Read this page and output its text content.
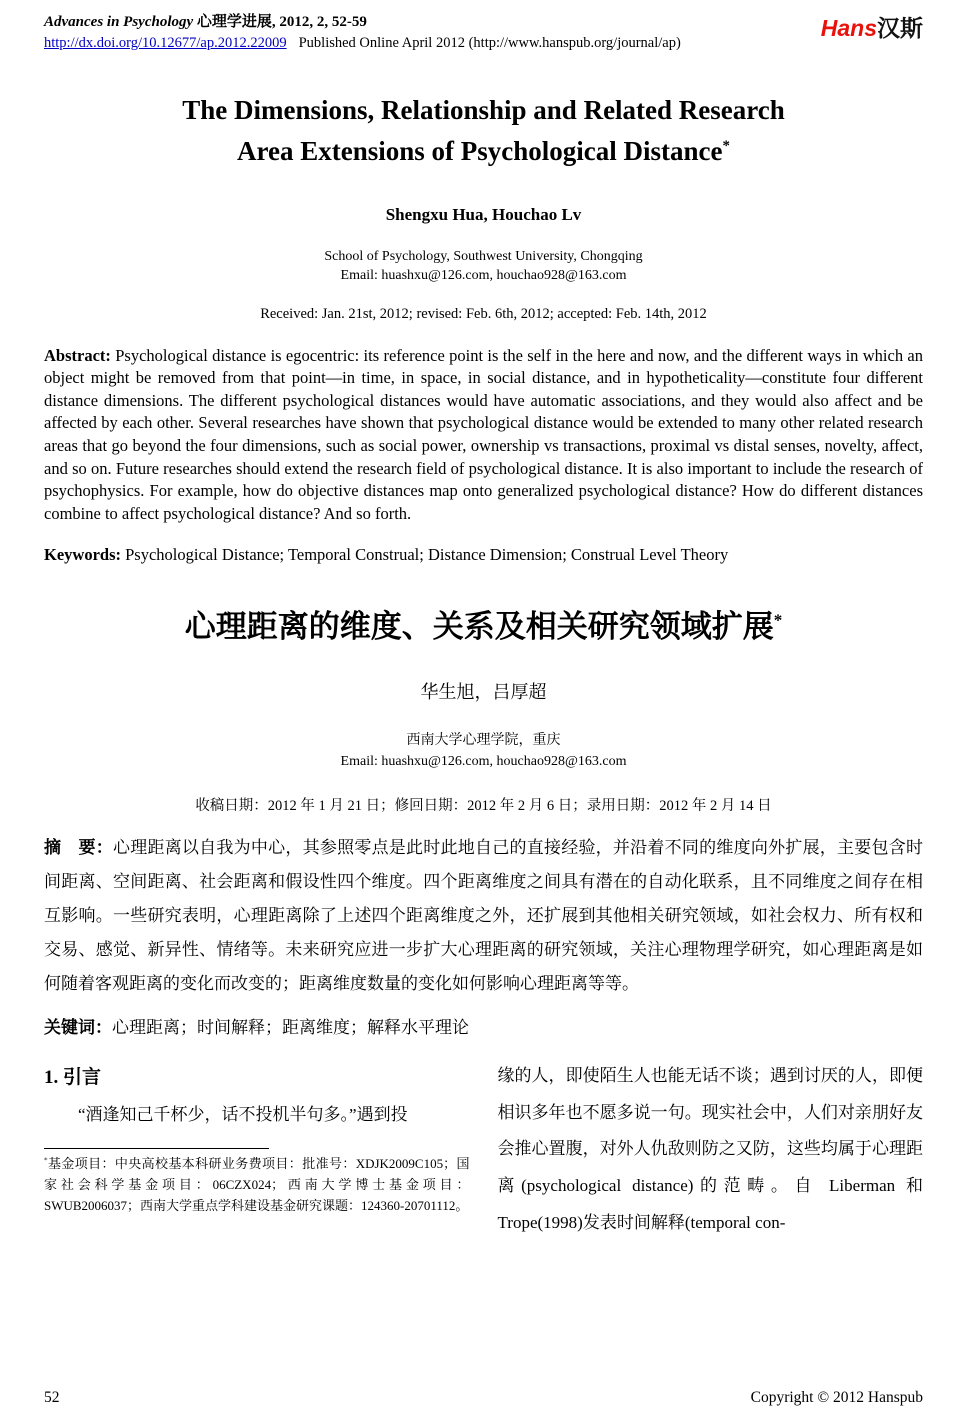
Advances in Psychology 心理学进展, 2012, 2, 52-59
http://dx.doi.org/10.12677/ap.2012.22009 Published Online April 2012 (http://www.hanspub.org/journal/ap)
Hans汉斯
The Dimensions, Relationship and Related Research
Area Extensions of Psychological Distance*
Shengxu Hua, Houchao Lv
School of Psychology, Southwest University, Chongqing
Email: huashxu@126.com, houchao928@163.com
Received: Jan. 21st, 2012; revised: Feb. 6th, 2012; accepted: Feb. 14th, 2012

Abstract: Psychological distance is egocentric: its reference point is the self in the here and now, and the different ways in which an object might be removed from that point—in time, in space, in social distance, and in hypotheticality—constitute four different distance dimensions. The different psychological distances would have automatic associations, and they would also affect and be affected by each other. Several researches have shown that psychological distance would be extended to many other related research areas that go beyond the four dimensions, such as social power, ownership vs transactions, proximal vs distal senses, novelty, affect, and so on. Future researches should extend the research field of psychological distance. It is also important to include the research of psychophysics. For example, how do objective distances map onto generalized psychological distance? How do different distances combine to affect psychological distance? And so forth.

Keywords: Psychological Distance; Temporal Construal; Distance Dimension; Construal Level Theory

心理距离的维度、关系及相关研究领域扩展*
华生旭，吕厚超
西南大学心理学院，重庆
Email: huashxu@126.com, houchao928@163.com
收稿日期：2012 年 1 月 21 日；修回日期：2012 年 2 月 6 日；录用日期：2012 年 2 月 14 日

摘　要：心理距离以自我为中心，其参照零点是此时此地自己的直接经验，并沿着不同的维度向外扩展，主要包含时间距离、空间距离、社会距离和假设性四个维度。四个距离维度之间具有潜在的自动化联系，且不同维度之间存在相互影响。一些研究表明，心理距离除了上述四个距离维度之外，还扩展到其他相关研究领域，如社会权力、所有权和交易、感觉、新异性、情绪等。未来研究应进一步扩大心理距离的研究领域，关注心理物理学研究，如心理距离是如何随着客观距离的变化而改变的；距离维度数量的变化如何影响心理距离等等。

关键词：心理距离；时间解释；距离维度；解释水平理论

1. 引言

“酒逢知己千杯少，话不投机半句多。”遇到投

*基金项目：中央高校基本科研业务费项目：批准号：XDJK2009C105；国家社会科学基金项目：06CZX024；西南大学博士基金项目：SWUB2006037；西南大学重点学科建设基金研究课题：124360-20701112。

缘的人，即使陌生人也能无话不谈；遇到讨厌的人，即便相识多年也不愿多说一句。现实社会中，人们对亲朋好友会推心置腹，对外人仇敌则防之又防，这些均属于心理距离(psychological distance)的范畴。自 Liberman 和 Trope(1998)发表时间解释(temporal con-

52	Copyright © 2012 Hanspub
